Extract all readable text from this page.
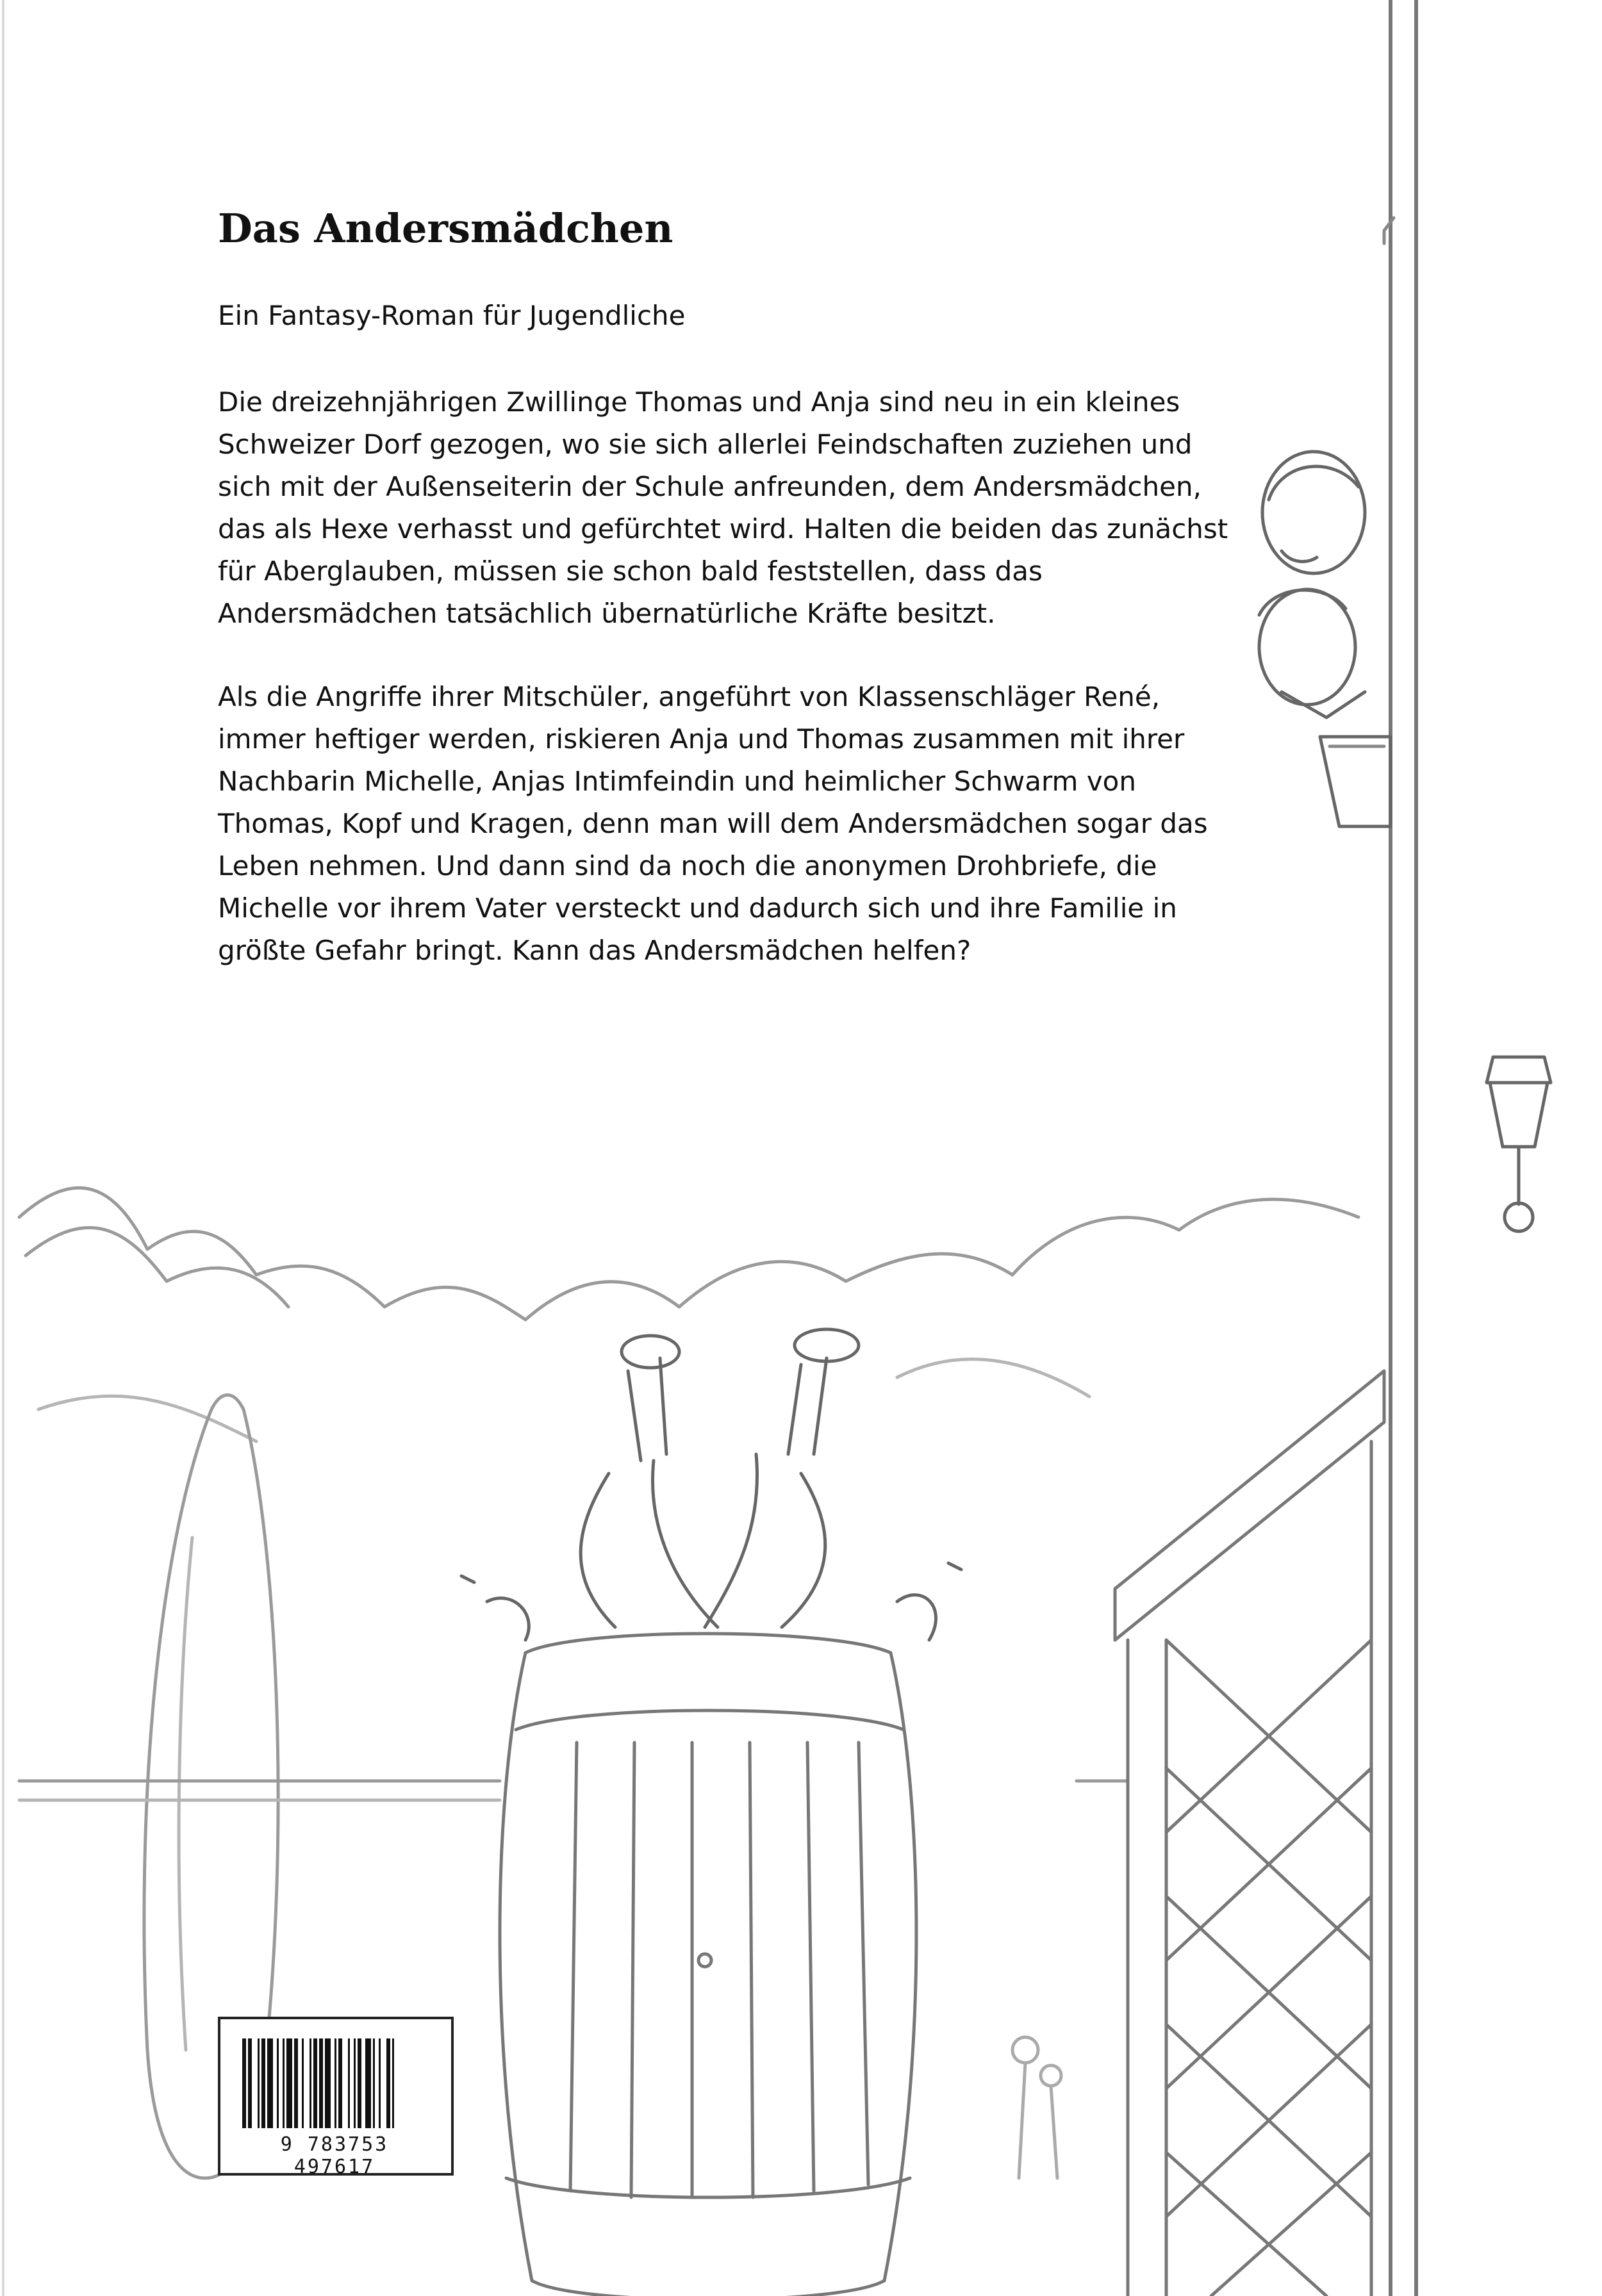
Das Andersmädchen

Ein Fantasy-Roman für Jugendliche

Die dreizehnjährigen Zwillinge Thomas und Anja sind neu in ein kleines Schweizer Dorf gezogen, wo sie sich allerlei Feindschaften zuziehen und sich mit der Außenseiterin der Schule anfreunden, dem Andersmädchen, das als Hexe verhasst und gefürchtet wird. Halten die beiden das zunächst für Aberglauben, müssen sie schon bald feststellen, dass das Andersmädchen tatsächlich übernatürliche Kräfte besitzt.

Als die Angriffe ihrer Mitschüler, angeführt von Klassenschläger René, immer heftiger werden, riskieren Anja und Thomas zusammen mit ihrer Nachbarin Michelle, Anjas Intimfeindin und heimlicher Schwarm von Thomas, Kopf und Kragen, denn man will dem Andersmädchen sogar das Leben nehmen. Und dann sind da noch die anonymen Drohbriefe, die Michelle vor ihrem Vater versteckt und dadurch sich und ihre Familie in größte Gefahr bringt. Kann das Andersmädchen helfen?

9 783753 497617
